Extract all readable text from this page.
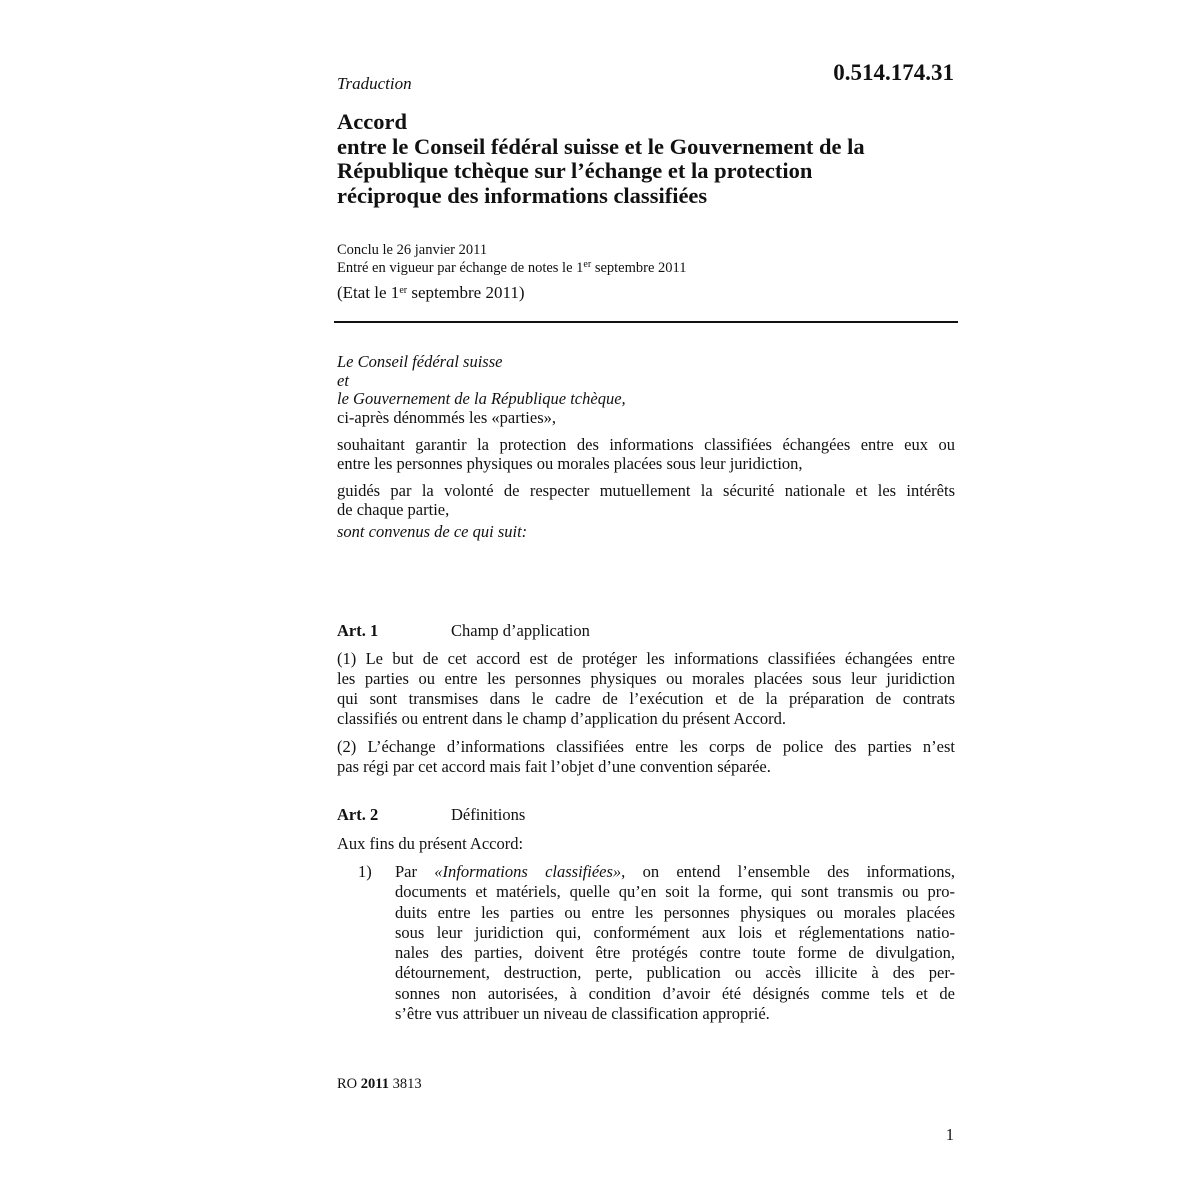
Traduction	0.514.174.31
Accord
entre le Conseil fédéral suisse et le Gouvernement de la
République tchèque sur l’échange et la protection
réciproque des informations classifiées
Conclu le 26 janvier 2011
Entré en vigueur par échange de notes le 1er septembre 2011
(Etat le 1er septembre 2011)
Le Conseil fédéral suisse
et
le Gouvernement de la République tchèque,
ci-après dénommés les «parties»,
souhaitant garantir la protection des informations classifiées échangées entre eux ou
entre les personnes physiques ou morales placées sous leur juridiction,
guidés par la volonté de respecter mutuellement la sécurité nationale et les intérêts
de chaque partie,
sont convenus de ce qui suit:
Art. 1	Champ d’application
(1) Le but de cet accord est de protéger les informations classifiées échangées entre
les parties ou entre les personnes physiques ou morales placées sous leur juridiction
qui sont transmises dans le cadre de l’exécution et de la préparation de contrats
classifiés ou entrent dans le champ d’application du présent Accord.
(2) L’échange d’informations classifiées entre les corps de police des parties n’est
pas régi par cet accord mais fait l’objet d’une convention séparée.
Art. 2	Définitions
Aux fins du présent Accord:
1) Par «Informations classifiées», on entend l’ensemble des informations,
documents et matériels, quelle qu’en soit la forme, qui sont transmis ou pro-
duits entre les parties ou entre les personnes physiques ou morales placées
sous leur juridiction qui, conformément aux lois et réglementations natio-
nales des parties, doivent être protégés contre toute forme de divulgation,
détournement, destruction, perte, publication ou accès illicite à des per-
sonnes non autorisées, à condition d’avoir été désignés comme tels et de
s’être vus attribuer un niveau de classification approprié.
RO 2011 3813
1
